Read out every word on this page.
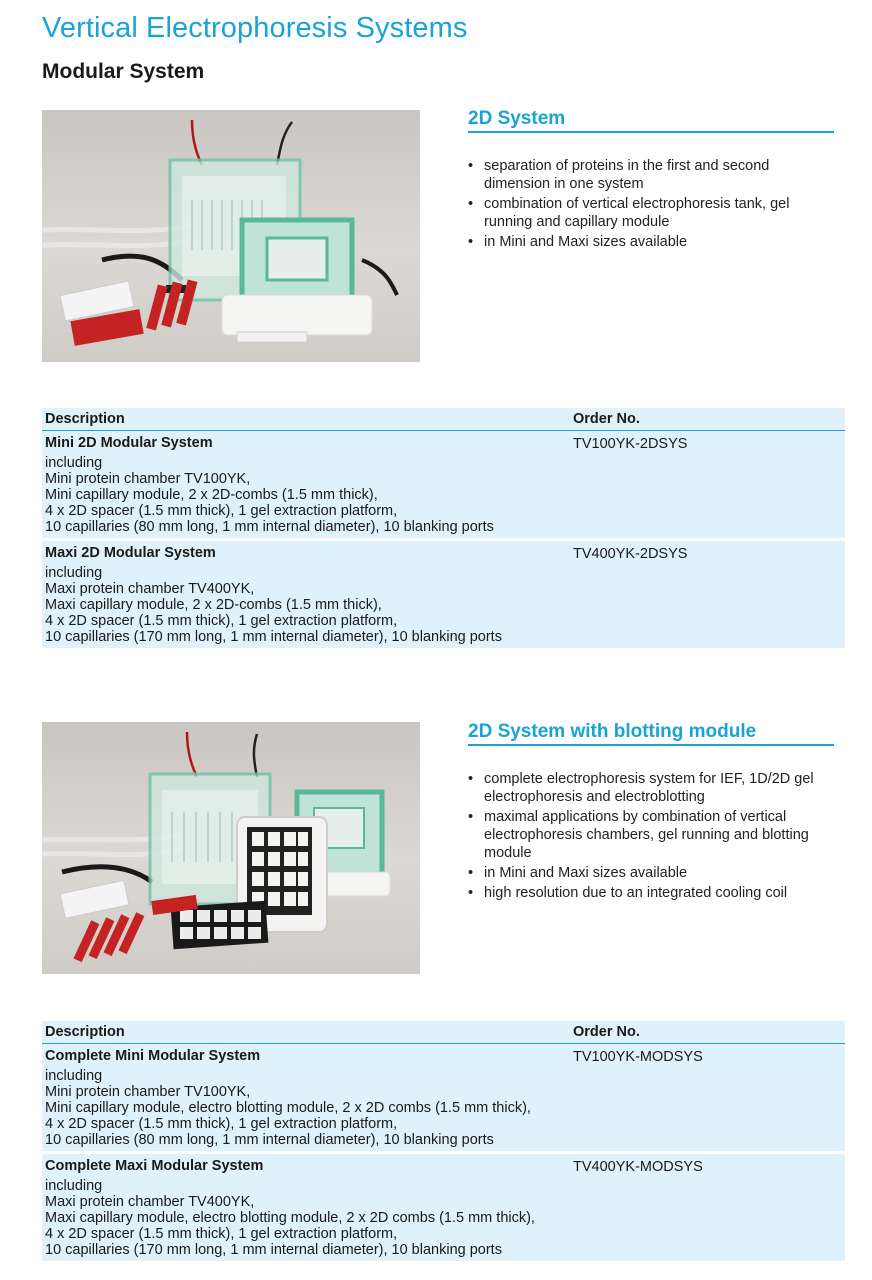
Vertical Electrophoresis Systems
Modular System
2D System
• separation of proteins in the first and second dimension in one system
• combination of vertical electrophoresis tank, gel running and capillary module
• in Mini and Maxi sizes available
Description	Order No.
Mini 2D Modular System	TV100YK-2DSYS
including
Mini protein chamber TV100YK,
Mini capillary module, 2 x 2D-combs (1.5 mm thick),
4 x 2D spacer (1.5 mm thick), 1 gel extraction platform,
10 capillaries (80 mm long, 1 mm internal diameter), 10 blanking ports
Maxi 2D Modular System	TV400YK-2DSYS
including
Maxi protein chamber TV400YK,
Maxi capillary module, 2 x 2D-combs (1.5 mm thick),
4 x 2D spacer (1.5 mm thick), 1 gel extraction platform,
10 capillaries (170 mm long, 1 mm internal diameter), 10 blanking ports
2D System with blotting module
• complete electrophoresis system for IEF, 1D/2D gel electrophoresis and electroblotting
• maximal applications by combination of vertical electrophoresis chambers, gel running and blotting module
• in Mini and Maxi sizes available
• high resolution due to an integrated cooling coil
Description	Order No.
Complete Mini Modular System	TV100YK-MODSYS
including
Mini protein chamber TV100YK,
Mini capillary module, electro blotting module, 2 x 2D combs (1.5 mm thick),
4 x 2D spacer (1.5 mm thick), 1 gel extraction platform,
10 capillaries (80 mm long, 1 mm internal diameter), 10 blanking ports
Complete Maxi Modular System	TV400YK-MODSYS
including
Maxi protein chamber TV400YK,
Maxi capillary module, electro blotting module, 2 x 2D combs (1.5 mm thick),
4 x 2D spacer (1.5 mm thick), 1 gel extraction platform,
10 capillaries (170 mm long, 1 mm internal diameter), 10 blanking ports
